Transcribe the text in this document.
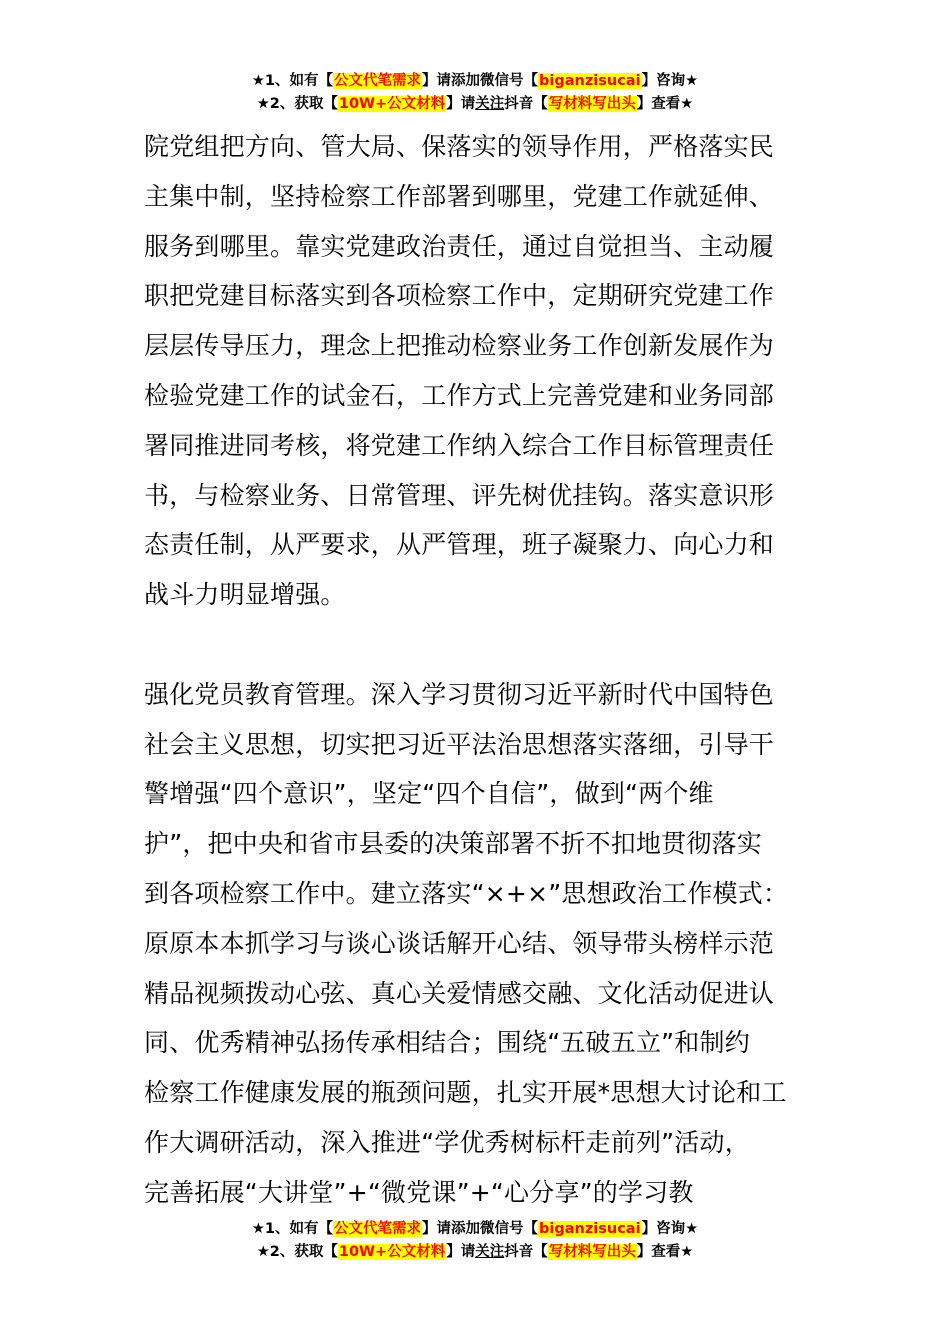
★1、如有【公文代笔需求】请添加微信号【biganzisucai】咨询★
★2、获取【10W+公文材料】请关注抖音【写材料写出头】查看★
院党组把方向、管大局、保落实的领导作用，严格落实民
主集中制，坚持检察工作部署到哪里，党建工作就延伸、
服务到哪里。靠实党建政治责任，通过自觉担当、主动履
职把党建目标落实到各项检察工作中，定期研究党建工作
层层传导压力，理念上把推动检察业务工作创新发展作为
检验党建工作的试金石，工作方式上完善党建和业务同部
署同推进同考核，将党建工作纳入综合工作目标管理责任
书，与检察业务、日常管理、评先树优挂钩。落实意识形
态责任制，从严要求，从严管理，班子凝聚力、向心力和
战斗力明显增强。
强化党员教育管理。深入学习贯彻习近平新时代中国特色
社会主义思想，切实把习近平法治思想落实落细，引导干
警增强“四个意识”，坚定“四个自信”，做到“两个维
护”，把中央和省市县委的决策部署不折不扣地贯彻落实
到各项检察工作中。建立落实“×+×”思想政治工作模式：
原原本本抓学习与谈心谈话解开心结、领导带头榜样示范
精品视频拨动心弦、真心关爱情感交融、文化活动促进认
同、优秀精神弘扬传承相结合；围绕“五破五立”和制约
检察工作健康发展的瓶颈问题，扎实开展*思想大讨论和工
作大调研活动，深入推进“学优秀树标杆走前列”活动，
完善拓展“大讲堂”+“微党课”+“心分享”的学习教
★1、如有【公文代笔需求】请添加微信号【biganzisucai】咨询★
★2、获取【10W+公文材料】请关注抖音【写材料写出头】查看★
